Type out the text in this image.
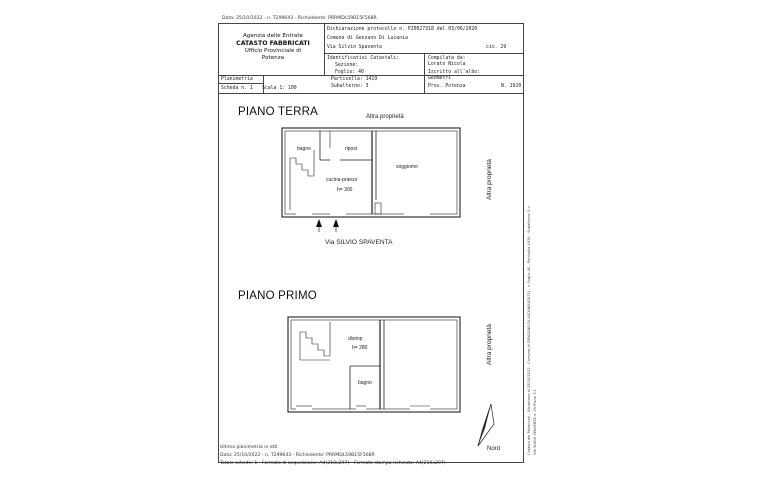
Data: 25/10/2022 - n. T299643 - Richiedente: PRRMDL59B15F568R
Agenzia delle Entrate
CATASTO FABBRICATI
Ufficio Provinciale di
Potenza
Dichiarazione protocollo n. PZ0027318 del 03/06/2020
Comune di Genzano Di Lucania
Via Silvio Spaventa	civ. 29
Identificativi Catastali:
Sezione:
Foglio: 40
Particella: 1419
Subalterno: 3
Compilata da:
Lorato Nicola
Iscritto all'albo:
Geometri
Prov. Potenza	N. 1920
Planimetria
Scheda n. 1 Scala 1: 100
PIANO TERRA
PIANO PRIMO
Altra proprietà
bagno	ripost
cucina-pranzo
h= 300
soggiorno
Via SILVIO SPAVENTA
Altra proprietà
disimp
h= 280
bagno
Altra proprietà
Nord	Catasto dei Fabbricati - Situazione al 25/10/2022 - Comune di GENZANO DI LUCANIA(D971) - < Foglio 40 - Particella 1419 - Subalterno 3 > VIA SILVIO SPAVENTA n. 29 Piano T-1
Ultima planimetria in atti
Data: 25/10/2022 - n. T299643 - Richiedente: PRRMDL59B15F568R
Totale schede: 1 - Formato di acquisizione: A4(210x297) - Formato stampa richiesto: A4(210x297)
